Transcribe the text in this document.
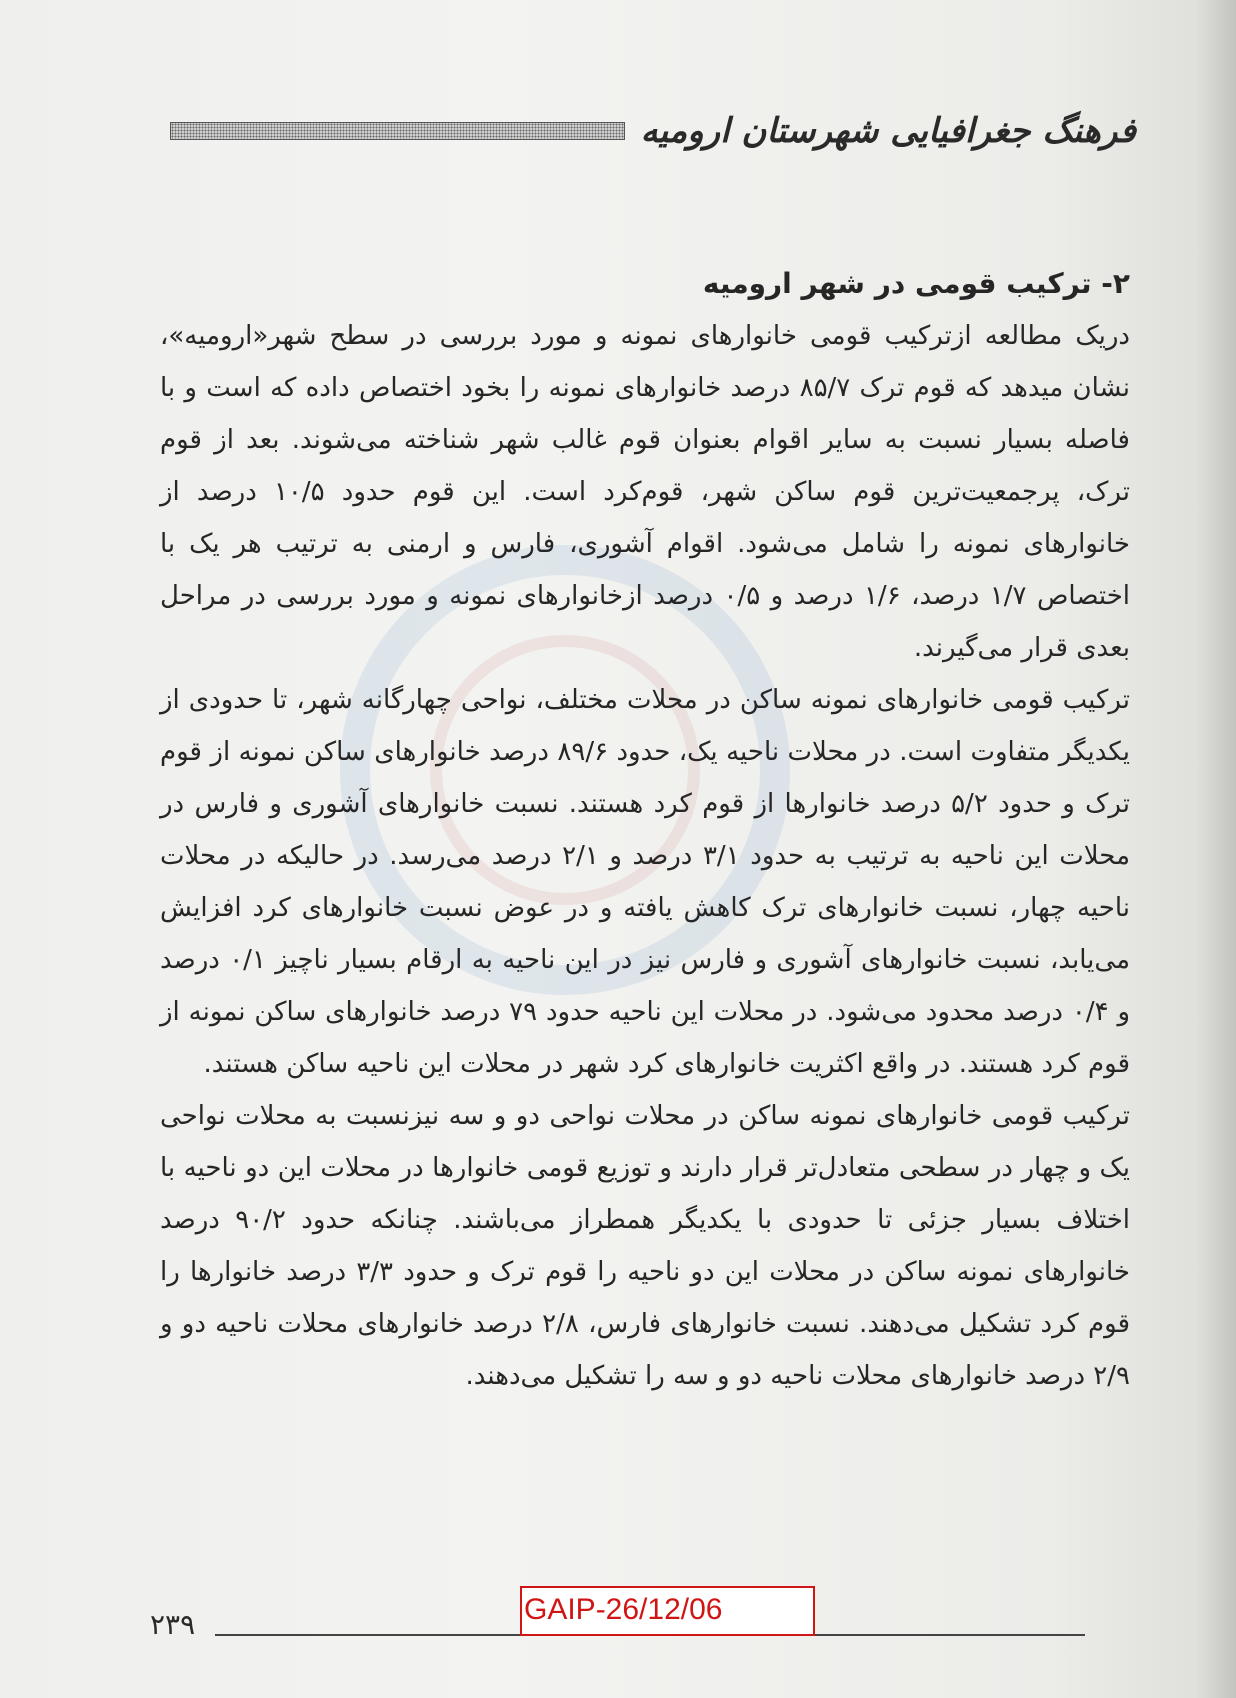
فرهنگ جغرافیایی شهرستان ارومیه
۲- ترکیب قومی در شهر ارومیه

دریک مطالعه ازترکیب قومی خانوارهای نمونه و مورد بررسی در سطح شهر«ارومیه»، نشان میدهد که قوم ترک ۸۵/۷ درصد خانوارهای نمونه را بخود اختصاص داده که است و با فاصله بسیار نسبت به سایر اقوام بعنوان قوم غالب شهر شناخته می‌شوند. بعد از قوم ترک، پرجمعیت‌ترین قوم ساکن شهر، قوم‌کرد است. این قوم حدود ۱۰/۵ درصد از خانوارهای نمونه را شامل می‌شود. اقوام آشوری، فارس و ارمنی به ترتیب هر یک با اختصاص ۱/۷ درصد، ۱/۶ درصد و ۰/۵ درصد ازخانوارهای نمونه و مورد بررسی در مراحل بعدی قرار می‌گیرند.

ترکیب قومی خانوارهای نمونه ساکن در محلات مختلف، نواحی چهارگانه شهر، تا حدودی از یکدیگر متفاوت است. در محلات ناحیه یک، حدود ۸۹/۶ درصد خانوارهای ساکن نمونه از قوم ترک و حدود ۵/۲ درصد خانوارها از قوم کرد هستند. نسبت خانوارهای آشوری و فارس در محلات این ناحیه به ترتیب به حدود ۳/۱ درصد و ۲/۱ درصد می‌رسد. در حالیکه در محلات ناحیه چهار، نسبت خانوارهای ترک کاهش یافته و در عوض نسبت خانوارهای کرد افزایش می‌یابد، نسبت خانوارهای آشوری و فارس نیز در این ناحیه به ارقام بسیار ناچیز ۰/۱ درصد و ۰/۴ درصد محدود می‌شود. در محلات این ناحیه حدود ۷۹ درصد خانوارهای ساکن نمونه از قوم کرد هستند. در واقع اکثریت خانوارهای کرد شهر در محلات این ناحیه ساکن هستند.

ترکیب قومی خانوارهای نمونه ساکن در محلات نواحی دو و سه نیزنسبت به محلات نواحی یک و چهار در سطحی متعادل‌تر قرار دارند و توزیع قومی خانوارها در محلات این دو ناحیه با اختلاف بسیار جزئی تا حدودی با یکدیگر همطراز می‌باشند. چنانکه حدود ۹۰/۲ درصد خانوارهای نمونه ساکن در محلات این دو ناحیه را قوم ترک و حدود ۳/۳ درصد خانوارها را قوم کرد تشکیل می‌دهند. نسبت خانوارهای فارس، ۲/۸ درصد خانوارهای محلات ناحیه دو و ۲/۹ درصد خانوارهای محلات ناحیه دو و سه را تشکیل می‌دهند.

۲۳۹	GAIP-26/12/06
